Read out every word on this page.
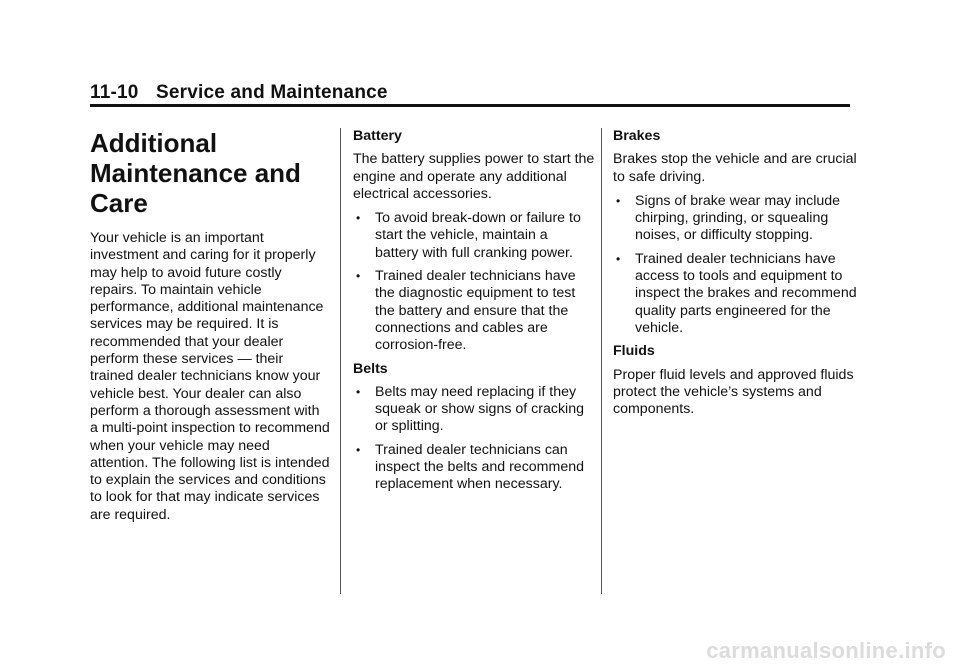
11-10 Service and Maintenance
Additional Maintenance and Care

Your vehicle is an important investment and caring for it properly may help to avoid future costly repairs. To maintain vehicle performance, additional maintenance services may be required. It is recommended that your dealer perform these services — their trained dealer technicians know your vehicle best. Your dealer can also perform a thorough assessment with a multi-point inspection to recommend when your vehicle may need attention. The following list is intended to explain the services and conditions to look for that may indicate services are required.

Battery

The battery supplies power to start the engine and operate any additional electrical accessories.

• To avoid break-down or failure to start the vehicle, maintain a battery with full cranking power.
• Trained dealer technicians have the diagnostic equipment to test the battery and ensure that the connections and cables are corrosion-free.
Belts
• Belts may need replacing if they squeak or show signs of cracking or splitting.
• Trained dealer technicians can inspect the belts and recommend replacement when necessary.
Brakes

Brakes stop the vehicle and are crucial to safe driving.

• Signs of brake wear may include chirping, grinding, or squealing noises, or difficulty stopping.
• Trained dealer technicians have access to tools and equipment to inspect the brakes and recommend quality parts engineered for the vehicle.
Fluids

Proper fluid levels and approved fluids protect the vehicle’s systems and components.

carmanualsonline.info
